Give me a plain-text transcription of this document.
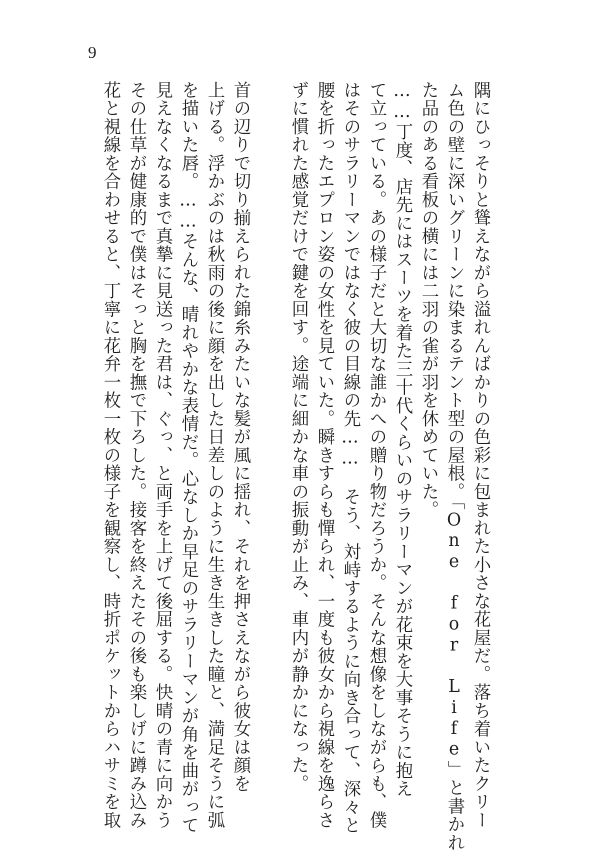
9
隅にひっそりと聳えながら溢れんばかりの色彩に包まれた小さな花屋だ。落ち着いたクリー
ム色の壁に深いグリーンに染まるテント型の屋根。「One for Life」と書かれ
た品のある看板の横には二羽の雀が羽を休めていた。
……丁度、店先にはスーツを着た三十代くらいのサラリーマンが花束を大事そうに抱え
て立っている。あの様子だと大切な誰かへの贈り物だろうか。そんな想像をしながらも、僕
はそのサラリーマンではなく彼の目線の先……　そう、対峙するように向き合って、深々と
腰を折ったエプロン姿の女性を見ていた。瞬きすらも憚られ、一度も彼女から視線を逸らさ
ずに慣れた感覚だけで鍵を回す。途端に細かな車の振動が止み、車内が静かになった。
首の辺りで切り揃えられた錦糸みたいな髪が風に揺れ、それを押さえながら彼女は顔を
上げる。浮かぶのは秋雨の後に顔を出した日差しのように生き生きした瞳と、満足そうに弧
を描いた唇。……そんな、晴れやかな表情だ。心なしか早足のサラリーマンが角を曲がって
見えなくなるまで真摯に見送った君は、ぐっ、と両手を上げて後屈する。快晴の青に向かう
その仕草が健康的で僕はそっと胸を撫で下ろした。接客を終えたその後も楽しげに蹲み込み
花と視線を合わせると、丁寧に花弁一枚一枚の様子を観察し、時折ポケットからハサミを取
